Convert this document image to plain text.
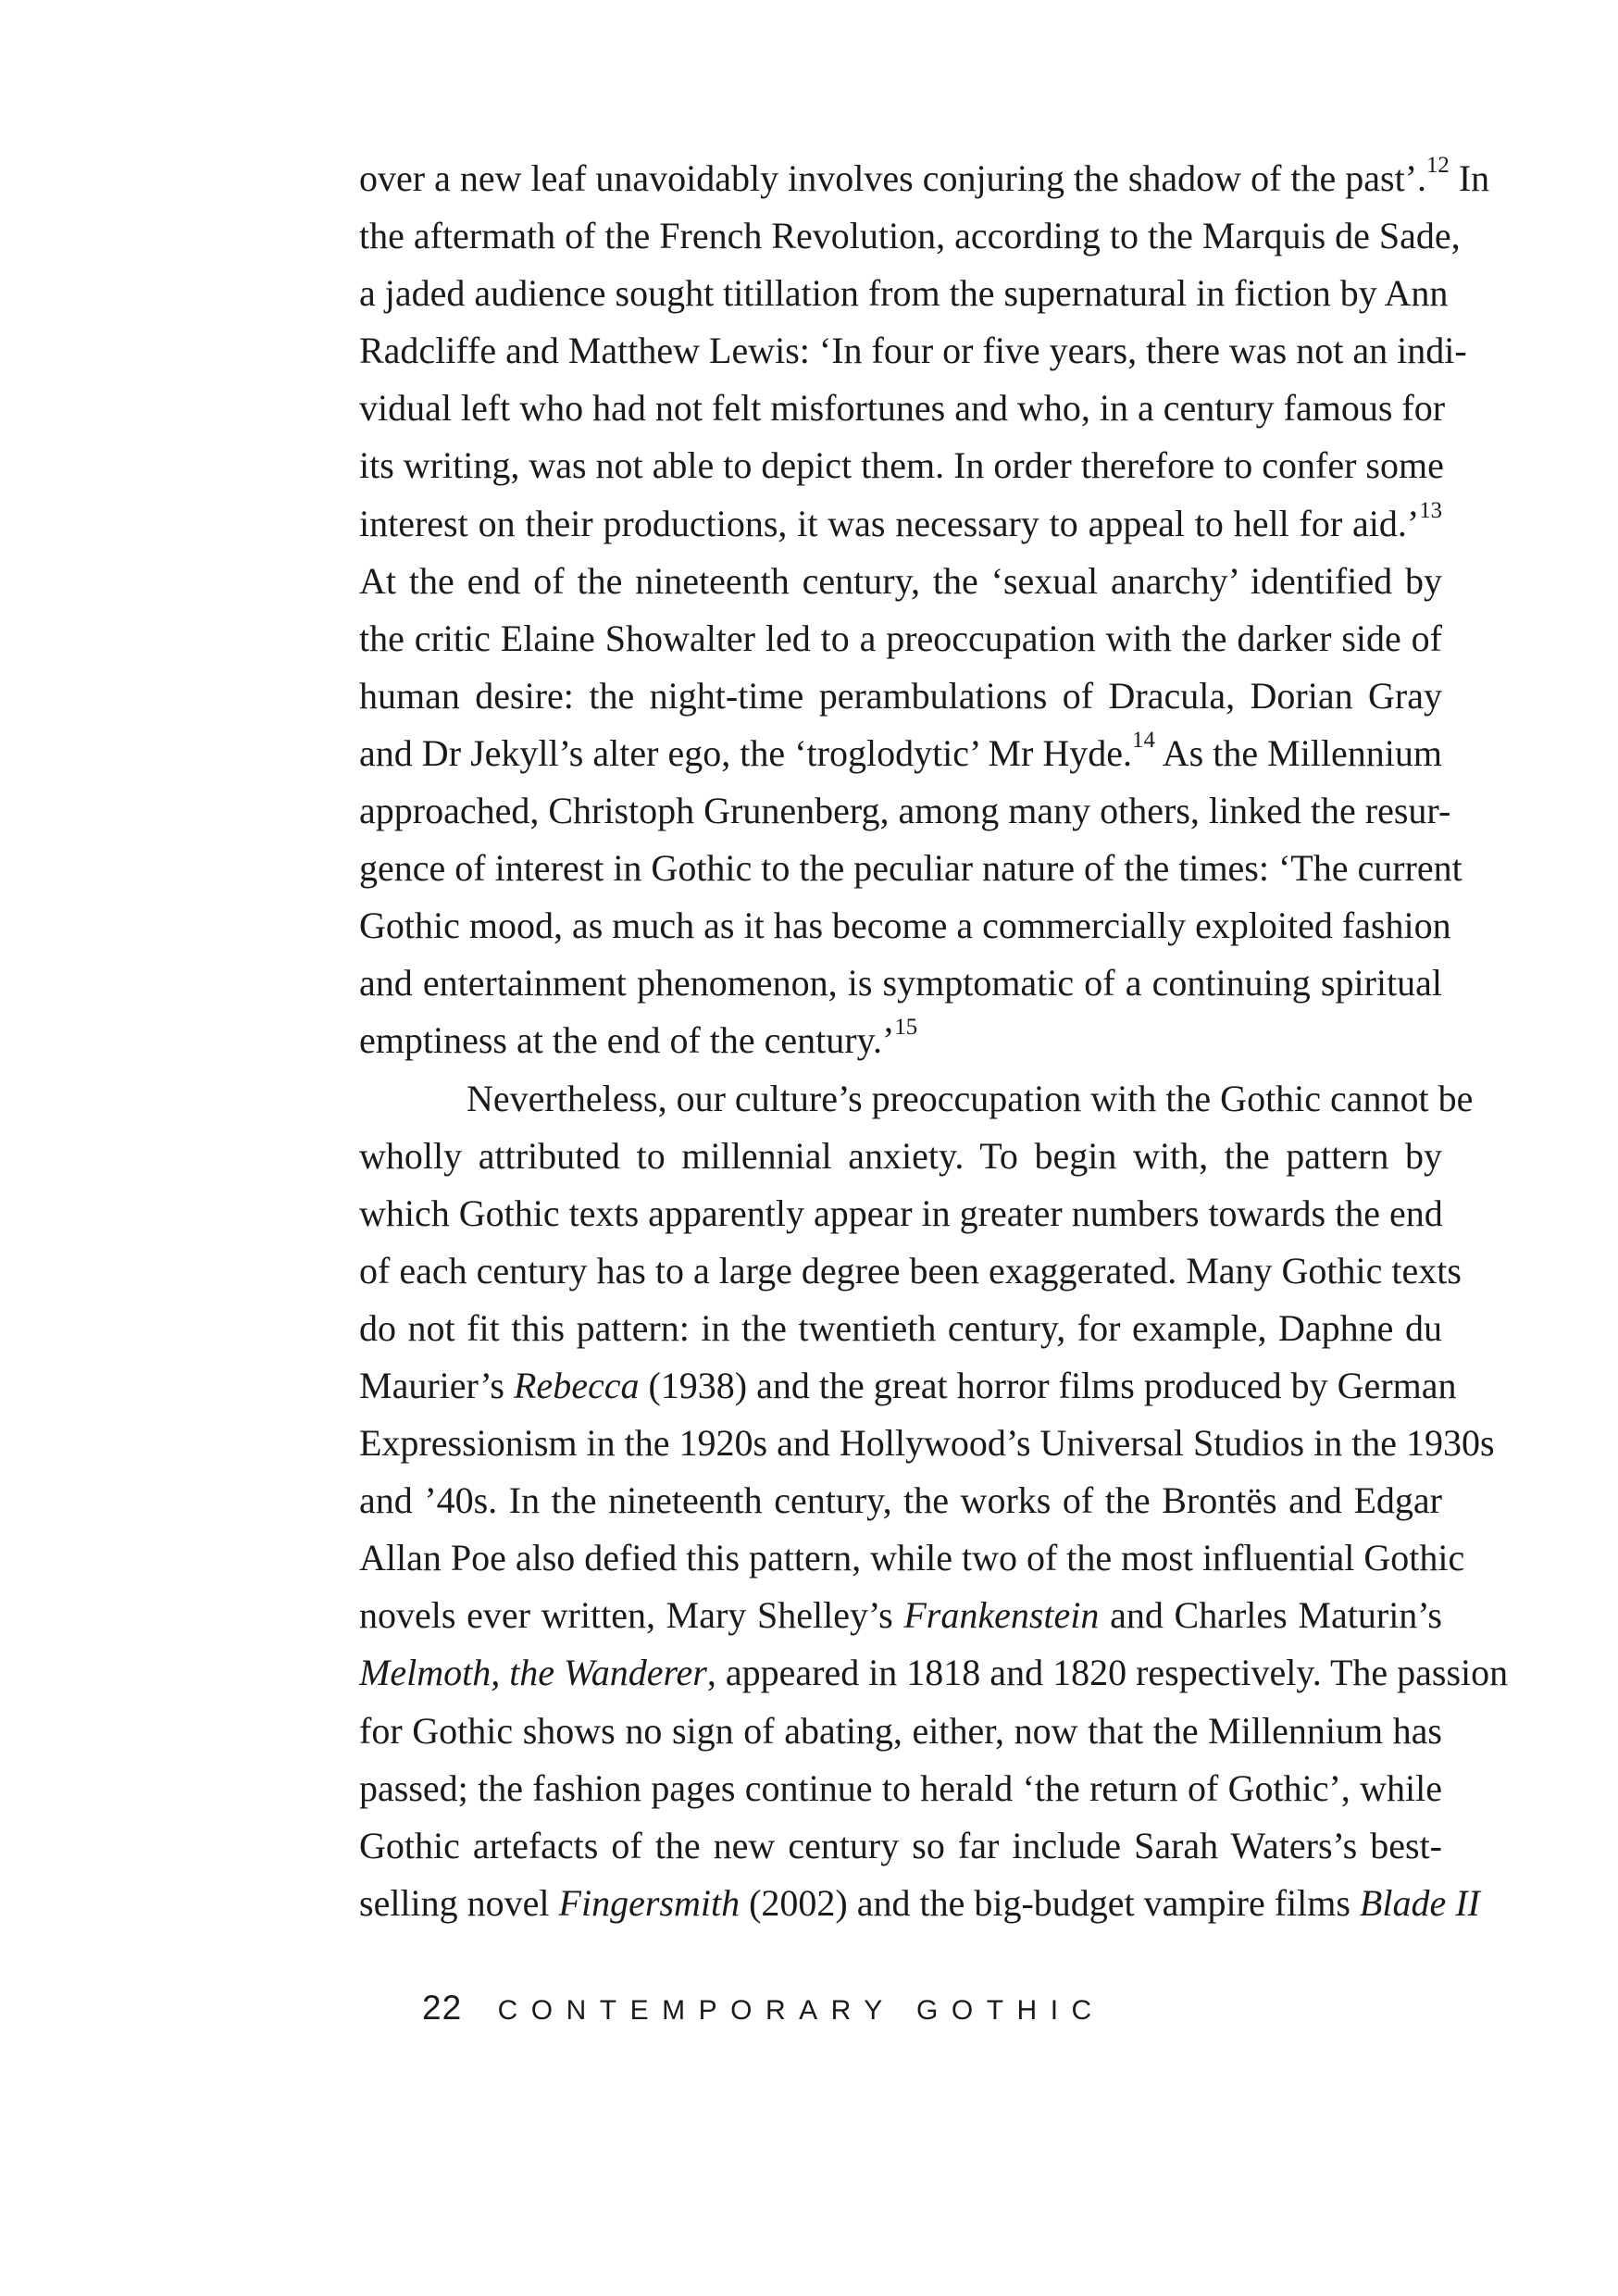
over a new leaf unavoidably involves conjuring the shadow of the past’.$^{12}$ In
the aftermath of the French Revolution, according to the Marquis de Sade,
a jaded audience sought titillation from the supernatural in fiction by Ann
Radcliffe and Matthew Lewis: ‘In four or five years, there was not an indi-
vidual left who had not felt misfortunes and who, in a century famous for
its writing, was not able to depict them. In order therefore to confer some
interest on their productions, it was necessary to appeal to hell for aid.’$^{13}$
At the end of the nineteenth century, the ‘sexual anarchy’ identified by
the critic Elaine Showalter led to a preoccupation with the darker side of
human desire: the night-time perambulations of Dracula, Dorian Gray
and Dr Jekyll’s alter ego, the ‘troglodytic’ Mr Hyde.$^{14}$ As the Millennium
approached, Christoph Grunenberg, among many others, linked the resur-
gence of interest in Gothic to the peculiar nature of the times: ‘The current
Gothic mood, as much as it has become a commercially exploited fashion
and entertainment phenomenon, is symptomatic of a continuing spiritual
emptiness at the end of the century.’$^{15}$
Nevertheless, our culture’s preoccupation with the Gothic cannot be
wholly attributed to millennial anxiety. To begin with, the pattern by
which Gothic texts apparently appear in greater numbers towards the end
of each century has to a large degree been exaggerated. Many Gothic texts
do not fit this pattern: in the twentieth century, for example, Daphne du
Maurier’s Rebecca (1938) and the great horror films produced by German
Expressionism in the 1920s and Hollywood’s Universal Studios in the 1930s
and ’40s. In the nineteenth century, the works of the Brontës and Edgar
Allan Poe also defied this pattern, while two of the most influential Gothic
novels ever written, Mary Shelley’s Frankenstein and Charles Maturin’s
Melmoth, the Wanderer, appeared in 1818 and 1820 respectively. The passion
for Gothic shows no sign of abating, either, now that the Millennium has
passed; the fashion pages continue to herald ‘the return of Gothic’, while
Gothic artefacts of the new century so far include Sarah Waters’s best-
selling novel Fingersmith (2002) and the big-budget vampire films Blade II
22 CONTEMPORARY GOTHIC
